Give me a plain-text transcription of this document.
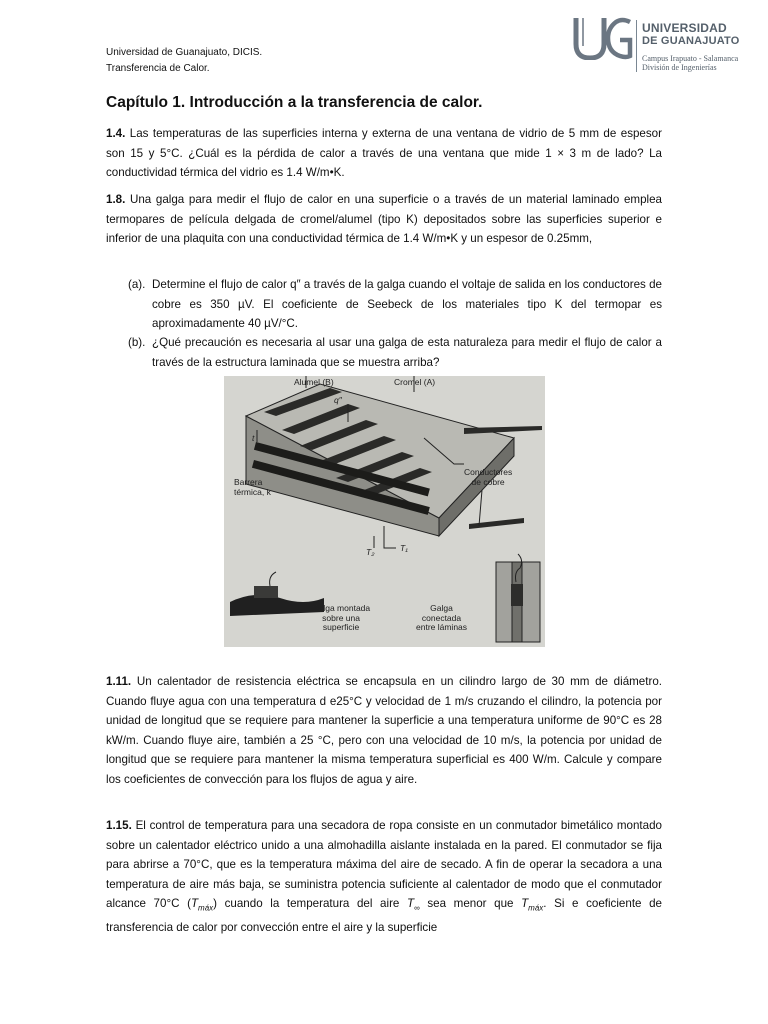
Universidad de Guanajuato, DICIS.
Transferencia de Calor.
UNIVERSIDAD
DE GUANAJUATO
Campus Irapuato - Salamanca
División de Ingenierías
Capítulo 1. Introducción a la transferencia de calor.
1.4. Las temperaturas de las superficies interna y externa de una ventana de vidrio de 5 mm de espesor son 15 y 5°C. ¿Cuál es la pérdida de calor a través de una ventana que mide 1 × 3 m de lado? La conductividad térmica del vidrio es 1.4 W/m•K.
1.8. Una galga para medir el flujo de calor en una superficie o a través de un material laminado emplea termopares de película delgada de cromel/alumel (tipo K) depositados sobre las superficies superior e inferior de una plaquita con una conductividad térmica de 1.4 W/m•K y un espesor de 0.25mm,
(a). Determine el flujo de calor q″ a través de la galga cuando el voltaje de salida en los conductores de cobre es 350 µV. El coeficiente de Seebeck de los materiales tipo K del termopar es aproximadamente 40 µV/°C.
(b). ¿Qué precaución es necesaria al usar una galga de esta naturaleza para medir el flujo de calor a través de la estructura laminada que se muestra arriba?
Alumel (B)	Cromel (A)
q″
t
Barrera
térmica, k
Conductores
de cobre
T₂	T₁
Galga montada
sobre una
superficie
Galga
conectada
entre láminas
1.11. Un calentador de resistencia eléctrica se encapsula en un cilindro largo de 30 mm de diámetro. Cuando fluye agua con una temperatura d e25°C y velocidad de 1 m/s cruzando el cilindro, la potencia por unidad de longitud que se requiere para mantener la superficie a una temperatura uniforme de 90°C es 28 kW/m. Cuando fluye aire, también a 25 °C, pero con una velocidad de 10 m/s, la potencia por unidad de longitud que se requiere para mantener la misma temperatura superficial es 400 W/m. Calcule y compare los coeficientes de convección para los flujos de agua y aire.
1.15. El control de temperatura para una secadora de ropa consiste en un conmutador bimetálico montado sobre un calentador eléctrico unido a una almohadilla aislante instalada en la pared. El conmutador se fija para abrirse a 70°C, que es la temperatura máxima del aire de secado. A fin de operar la secadora a una temperatura de aire más baja, se suministra potencia suficiente al calentador de modo que el conmutador alcance 70°C $(T_{máx})$ cuando la temperatura del aire $T_\infty$ sea menor que $T_{máx}$. Si e coeficiente de transferencia de calor por convección entre el aire y la superficie
